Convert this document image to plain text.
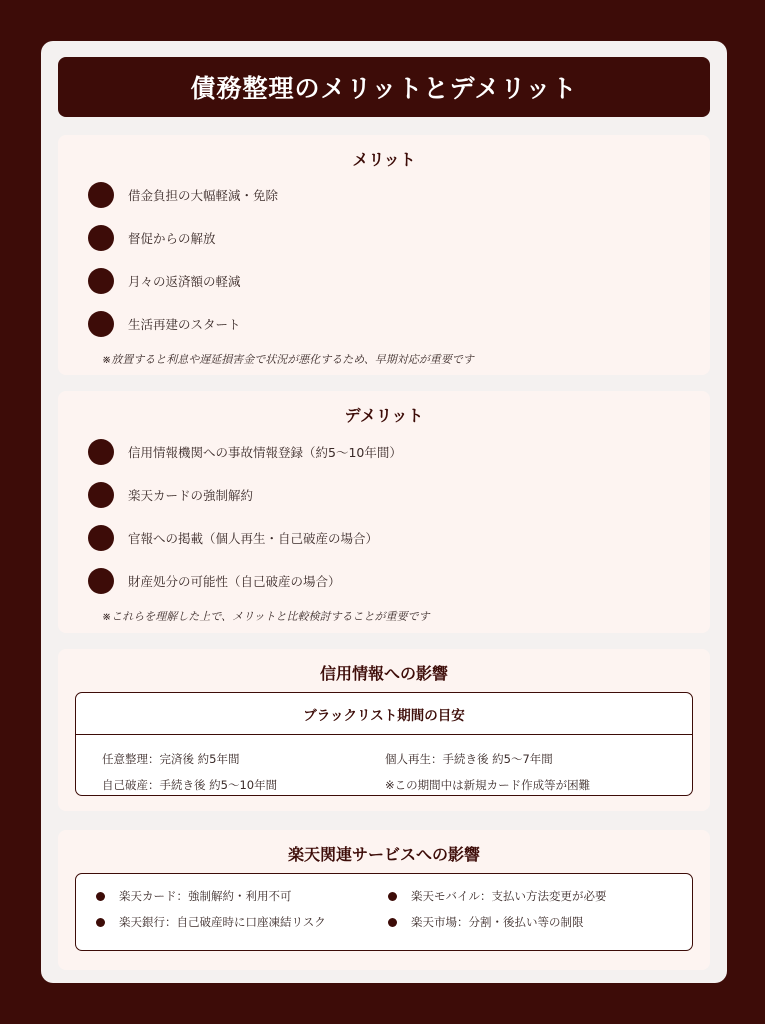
債務整理のメリットとデメリット
メリット
借金負担の大幅軽減・免除
督促からの解放
月々の返済額の軽減
生活再建のスタート
※放置すると利息や遅延損害金で状況が悪化するため、早期対応が重要です
デメリット
信用情報機関への事故情報登録（約5〜10年間）
楽天カードの強制解約
官報への掲載（個人再生・自己破産の場合）
財産処分の可能性（自己破産の場合）
※これらを理解した上で、メリットと比較検討することが重要です
信用情報への影響
ブラックリスト期間の目安
任意整理：完済後 約5年間	個人再生：手続き後 約5〜7年間
自己破産：手続き後 約5〜10年間	※この期間中は新規カード作成等が困難
楽天関連サービスへの影響
楽天カード：強制解約・利用不可	楽天モバイル：支払い方法変更が必要
楽天銀行：自己破産時に口座凍結リスク	楽天市場：分割・後払い等の制限
